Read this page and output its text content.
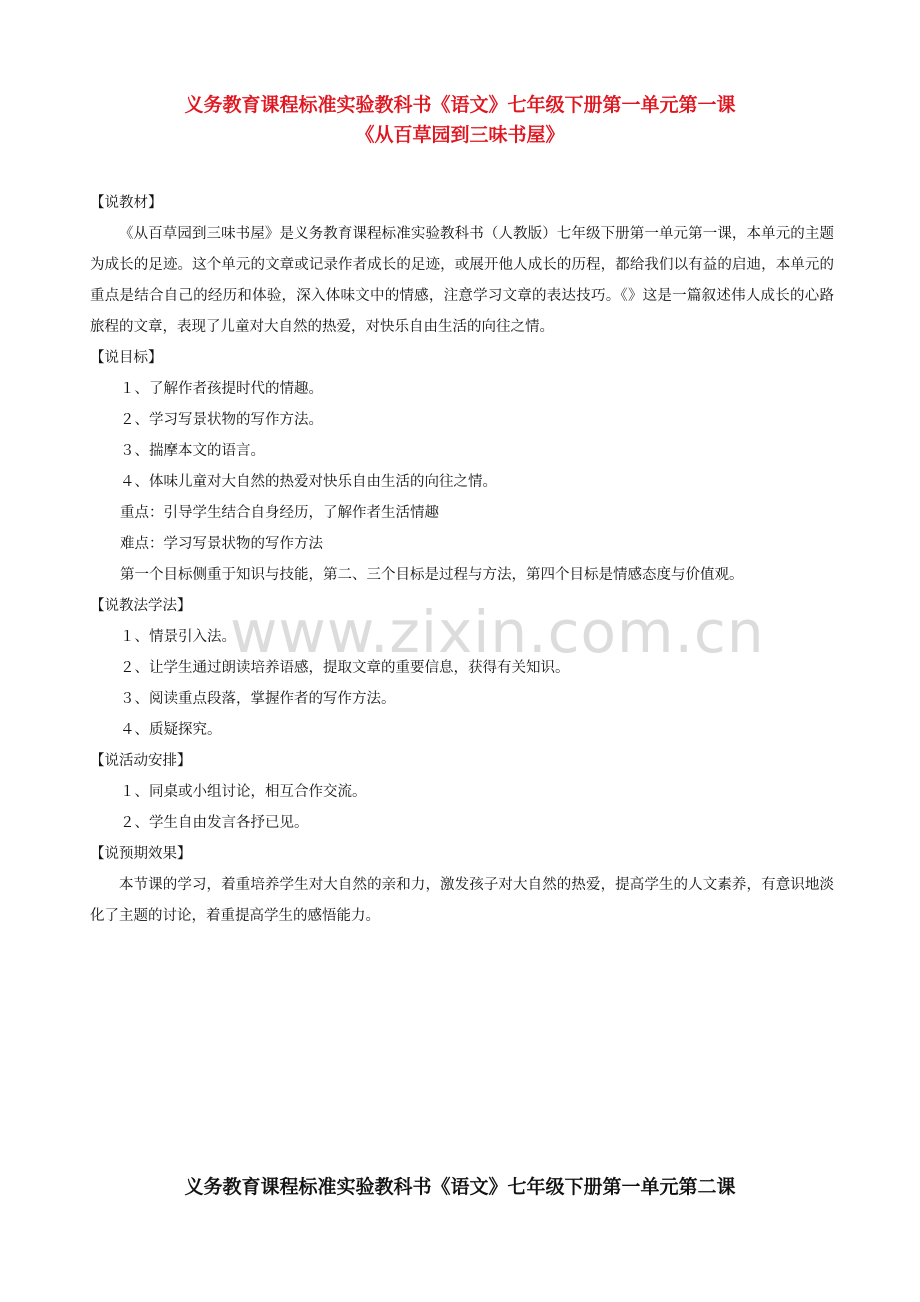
义务教育课程标准实验教科书《语文》七年级下册第一单元第一课
《从百草园到三味书屋》
www.zixin.com.cn

【说教材】

《从百草园到三味书屋》是义务教育课程标准实验教科书（人教版）七年级下册第一单元第一课，本单元的主题为成长的足迹。这个单元的文章或记录作者成长的足迹，或展开他人成长的历程，都给我们以有益的启迪，本单元的重点是结合自己的经历和体验，深入体味文中的情感，注意学习文章的表达技巧。《》这是一篇叙述伟人成长的心路旅程的文章，表现了儿童对大自然的热爱，对快乐自由生活的向往之情。

【说目标】

１、了解作者孩提时代的情趣。

２、学习写景状物的写作方法。

３、揣摩本文的语言。

４、体味儿童对大自然的热爱对快乐自由生活的向往之情。

重点：引导学生结合自身经历，了解作者生活情趣

难点：学习写景状物的写作方法

第一个目标侧重于知识与技能，第二、三个目标是过程与方法，第四个目标是情感态度与价值观。

【说教法学法】

１、情景引入法。

２、让学生通过朗读培养语感，提取文章的重要信息，获得有关知识。

３、阅读重点段落，掌握作者的写作方法。

４、质疑探究。

【说活动安排】

１、同桌或小组讨论，相互合作交流。

２、学生自由发言各抒已见。

【说预期效果】

本节课的学习，着重培养学生对大自然的亲和力，激发孩子对大自然的热爱，提高学生的人文素养，有意识地淡化了主题的讨论，着重提高学生的感悟能力。

义务教育课程标准实验教科书《语文》七年级下册第一单元第二课
